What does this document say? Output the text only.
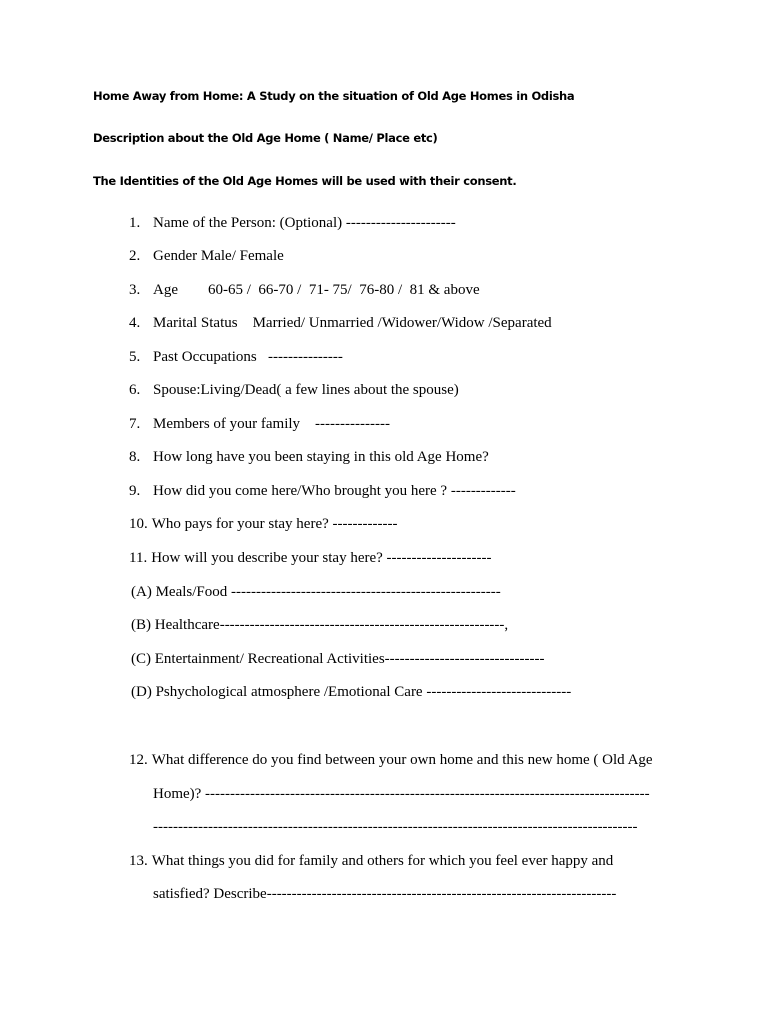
Home Away from Home: A Study on the situation of Old Age Homes in Odisha

Description about the Old Age Home ( Name/ Place etc)

The Identities of the Old Age Homes will be used with their consent.

1. Name of the Person: (Optional) ----------------------

2. Gender Male/ Female

3. Age        60-65 /  66-70 /  71- 75/  76-80 /  81 & above

4. Marital Status    Married/ Unmarried /Widower/Widow /Separated

5. Past Occupations   ---------------

6. Spouse:Living/Dead( a few lines about the spouse)

7. Members of your family    ---------------

8. How long have you been staying in this old Age Home?

9. How did you come here/Who brought you here ? -------------

10. Who pays for your stay here? -------------

11. How will you describe your stay here? ---------------------

(A) Meals/Food ------------------------------------------------------

(B) Healthcare---------------------------------------------------------,

(C) Entertainment/ Recreational Activities--------------------------------

(D) Pshychological atmosphere /Emotional Care -----------------------------

12. What difference do you find between your own home and this new home ( Old Age

Home)? -----------------------------------------------------------------------------------------

-------------------------------------------------------------------------------------------------

13. What things you did for family and others for which you feel ever happy and

satisfied? Describe----------------------------------------------------------------------
